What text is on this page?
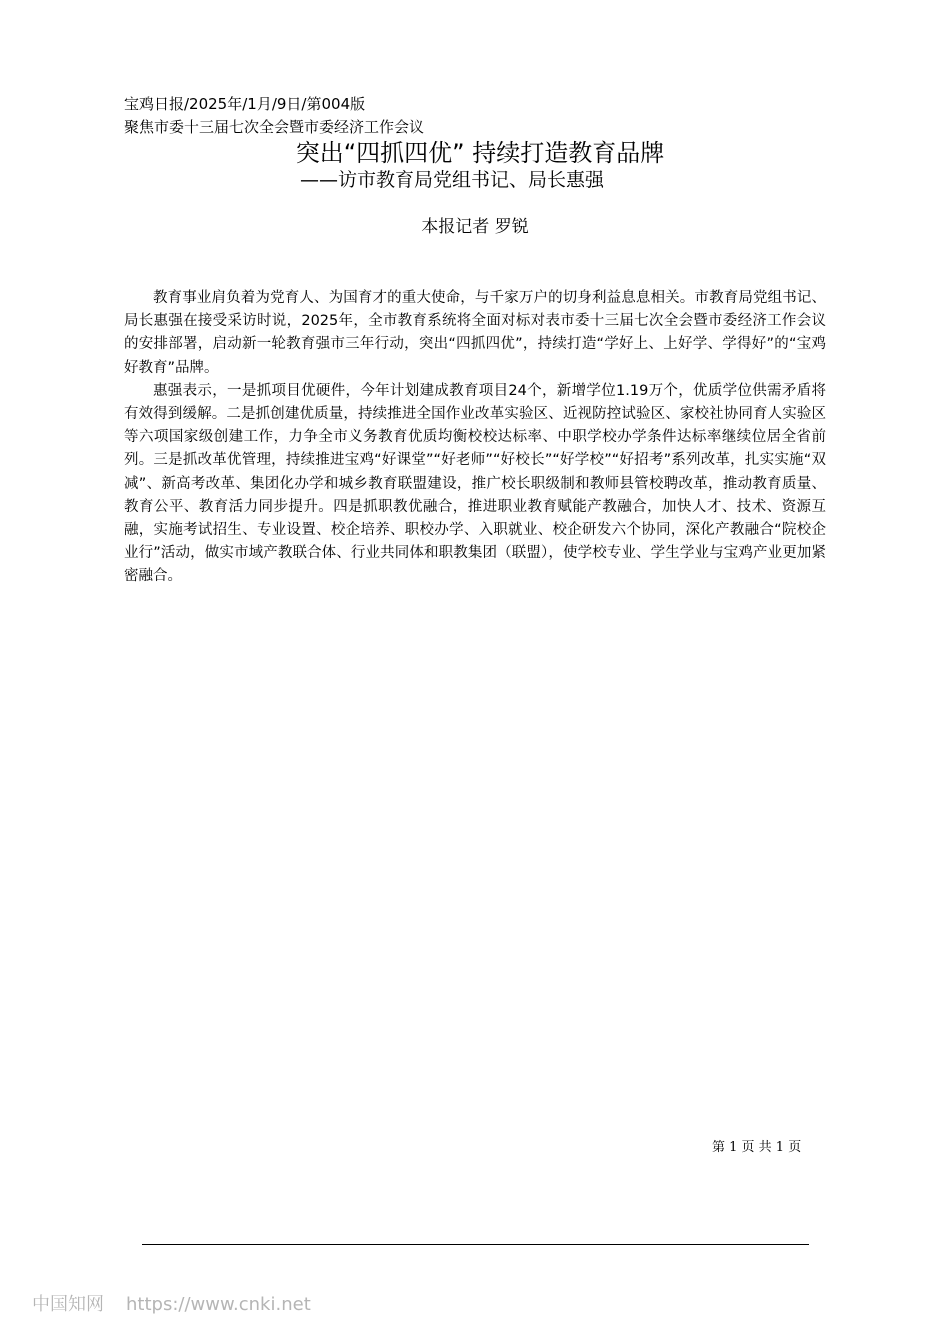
宝鸡日报/2025年/1月/9日/第004版
聚焦市委十三届七次全会暨市委经济工作会议
突出“四抓四优” 持续打造教育品牌
——访市教育局党组书记、局长惠强
本报记者 罗锐

教育事业肩负着为党育人、为国育才的重大使命，与千家万户的切身利益息息相关。市教育局党组书记、局长惠强在接受采访时说，2025年，全市教育系统将全面对标对表市委十三届七次全会暨市委经济工作会议的安排部署，启动新一轮教育强市三年行动，突出“四抓四优”，持续打造“学好上、上好学、学得好”的“宝鸡好教育”品牌。

惠强表示，一是抓项目优硬件，今年计划建成教育项目24个，新增学位1.19万个，优质学位供需矛盾将有效得到缓解。二是抓创建优质量，持续推进全国作业改革实验区、近视防控试验区、家校社协同育人实验区等六项国家级创建工作，力争全市义务教育优质均衡校校达标率、中职学校办学条件达标率继续位居全省前列。三是抓改革优管理，持续推进宝鸡“好课堂”“好老师”“好校长”“好学校”“好招考”系列改革，扎实实施“双减”、新高考改革、集团化办学和城乡教育联盟建设，推广校长职级制和教师县管校聘改革，推动教育质量、教育公平、教育活力同步提升。四是抓职教优融合，推进职业教育赋能产教融合，加快人才、技术、资源互融，实施考试招生、专业设置、校企培养、职校办学、入职就业、校企研发六个协同，深化产教融合“院校企业行”活动，做实市域产教联合体、行业共同体和职教集团（联盟），使学校专业、学生学业与宝鸡产业更加紧密融合。

第 1 页 共 1 页
中国知网 https://www.cnki.net
